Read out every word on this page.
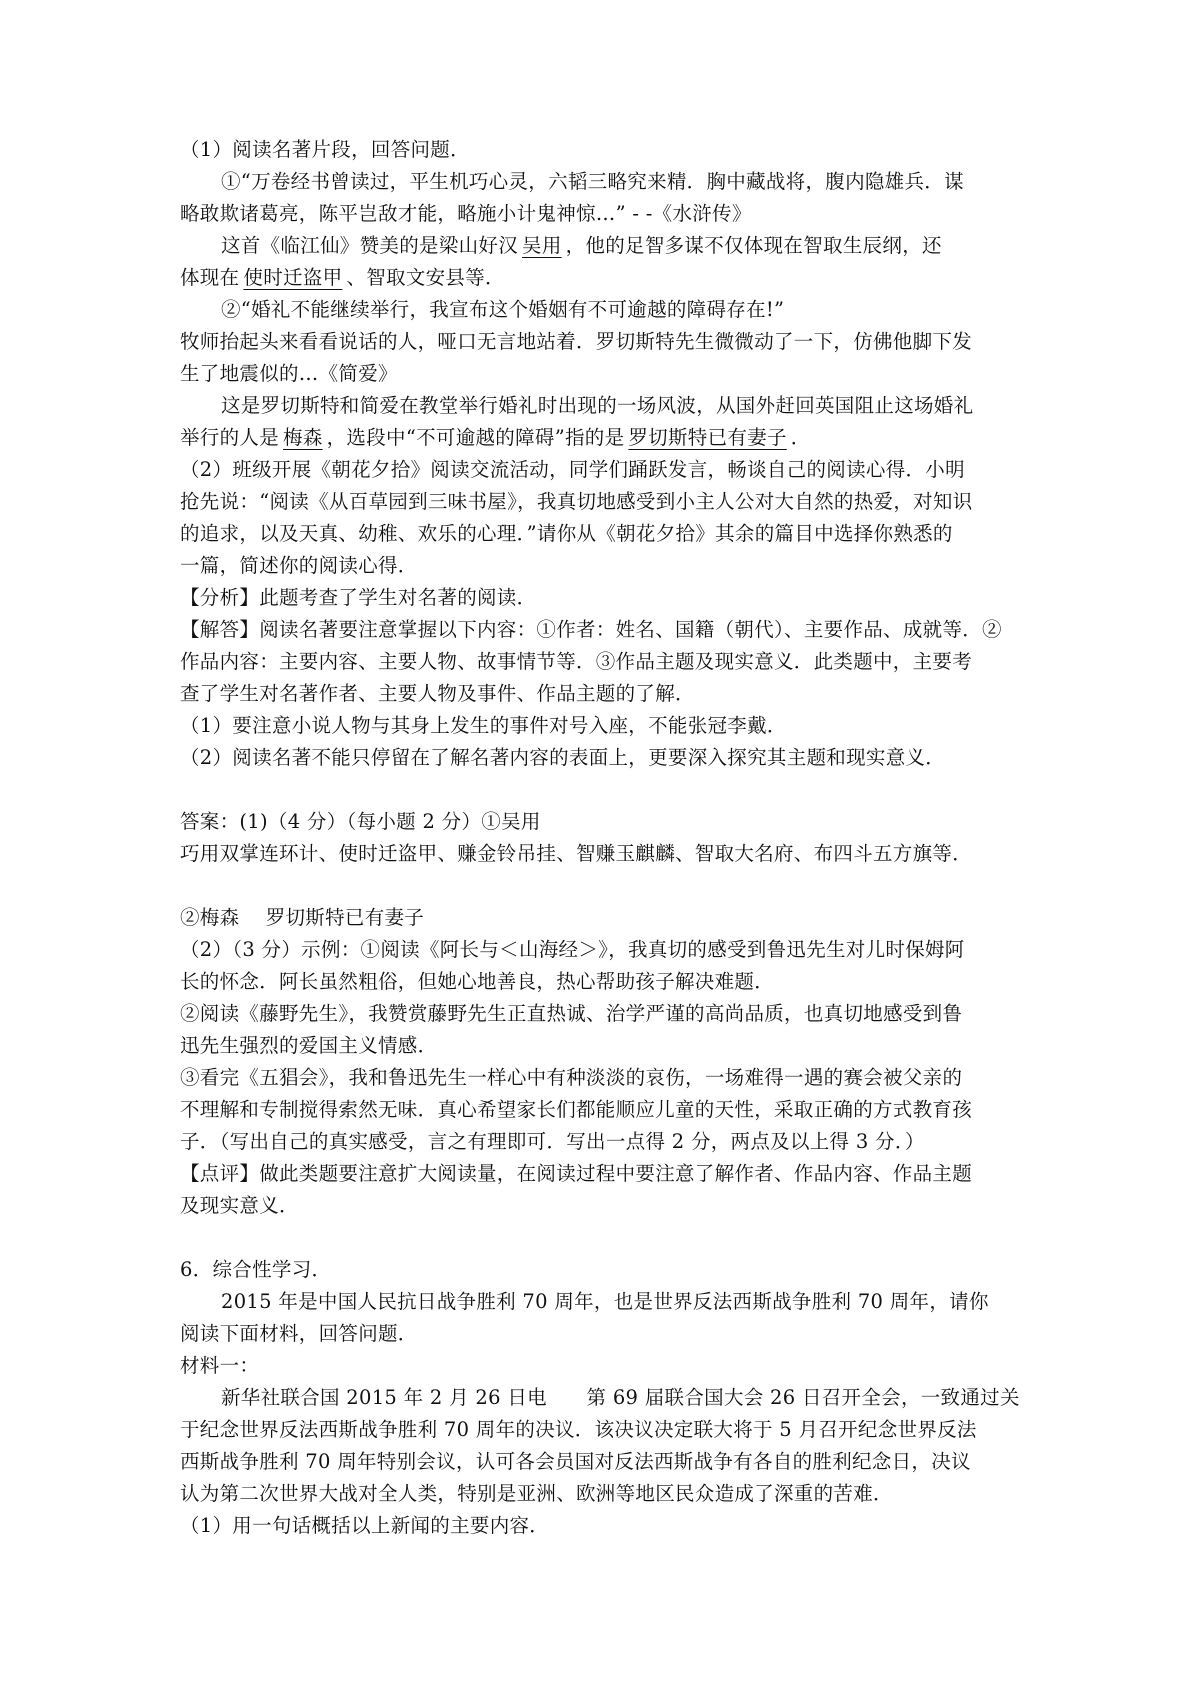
（1）阅读名著片段，回答问题．
①“万卷经书曾读过，平生机巧心灵，六韬三略究来精．胸中藏战将，腹内隐雄兵．谋
略敢欺诸葛亮，陈平岂敌才能，略施小计鬼神惊…” - -《水浒传》
这首《临江仙》赞美的是梁山好汉 吴用 ，他的足智多谋不仅体现在智取生辰纲，还
体现在 使时迁盗甲 、智取文安县等．
②“婚礼不能继续举行，我宣布这个婚姻有不可逾越的障碍存在!”
牧师抬起头来看看说话的人，哑口无言地站着．罗切斯特先生微微动了一下，仿佛他脚下发
生了地震似的…《简爱》
这是罗切斯特和简爱在教堂举行婚礼时出现的一场风波，从国外赶回英国阻止这场婚礼
举行的人是 梅森 ，选段中“不可逾越的障碍”指的是 罗切斯特已有妻子 ．
（2）班级开展《朝花夕拾》阅读交流活动，同学们踊跃发言，畅谈自己的阅读心得．小明
抢先说：“阅读《从百草园到三味书屋》，我真切地感受到小主人公对大自然的热爱，对知识
的追求，以及天真、幼稚、欢乐的心理．”请你从《朝花夕拾》其余的篇目中选择你熟悉的
一篇，简述你的阅读心得．
【分析】此题考查了学生对名著的阅读．
【解答】阅读名著要注意掌握以下内容：①作者：姓名、国籍（朝代）、主要作品、成就等．②
作品内容：主要内容、主要人物、故事情节等．③作品主题及现实意义．此类题中，主要考
查了学生对名著作者、主要人物及事件、作品主题的了解．
（1）要注意小说人物与其身上发生的事件对号入座，不能张冠李戴．
（2）阅读名著不能只停留在了解名著内容的表面上，更要深入探究其主题和现实意义．
答案：(1)（4 分）（每小题 2 分）①吴用
巧用双掌连环计、使时迁盗甲、赚金铃吊挂、智赚玉麒麟、智取大名府、布四斗五方旗等．
②梅森　 罗切斯特已有妻子
（2）（3 分）示例：①阅读《阿长与＜山海经＞》，我真切的感受到鲁迅先生对儿时保姆阿
长的怀念．阿长虽然粗俗，但她心地善良，热心帮助孩子解决难题．
②阅读《藤野先生》，我赞赏藤野先生正直热诚、治学严谨的高尚品质，也真切地感受到鲁
迅先生强烈的爱国主义情感．
③看完《五猖会》，我和鲁迅先生一样心中有种淡淡的哀伤，一场难得一遇的赛会被父亲的
不理解和专制搅得索然无味．真心希望家长们都能顺应儿童的天性，采取正确的方式教育孩
子．（写出自己的真实感受，言之有理即可．写出一点得 2 分，两点及以上得 3 分．）
【点评】做此类题要注意扩大阅读量，在阅读过程中要注意了解作者、作品内容、作品主题
及现实意义．
6．综合性学习．
2015 年是中国人民抗日战争胜利 70 周年，也是世界反法西斯战争胜利 70 周年，请你
阅读下面材料，回答问题．
材料一：
新华社联合国 2015 年 2 月 26 日电　　第 69 届联合国大会 26 日召开全会，一致通过关
于纪念世界反法西斯战争胜利 70 周年的决议．该决议决定联大将于 5 月召开纪念世界反法
西斯战争胜利 70 周年特别会议，认可各会员国对反法西斯战争有各自的胜利纪念日，决议
认为第二次世界大战对全人类，特别是亚洲、欧洲等地区民众造成了深重的苦难．
（1）用一句话概括以上新闻的主要内容．
